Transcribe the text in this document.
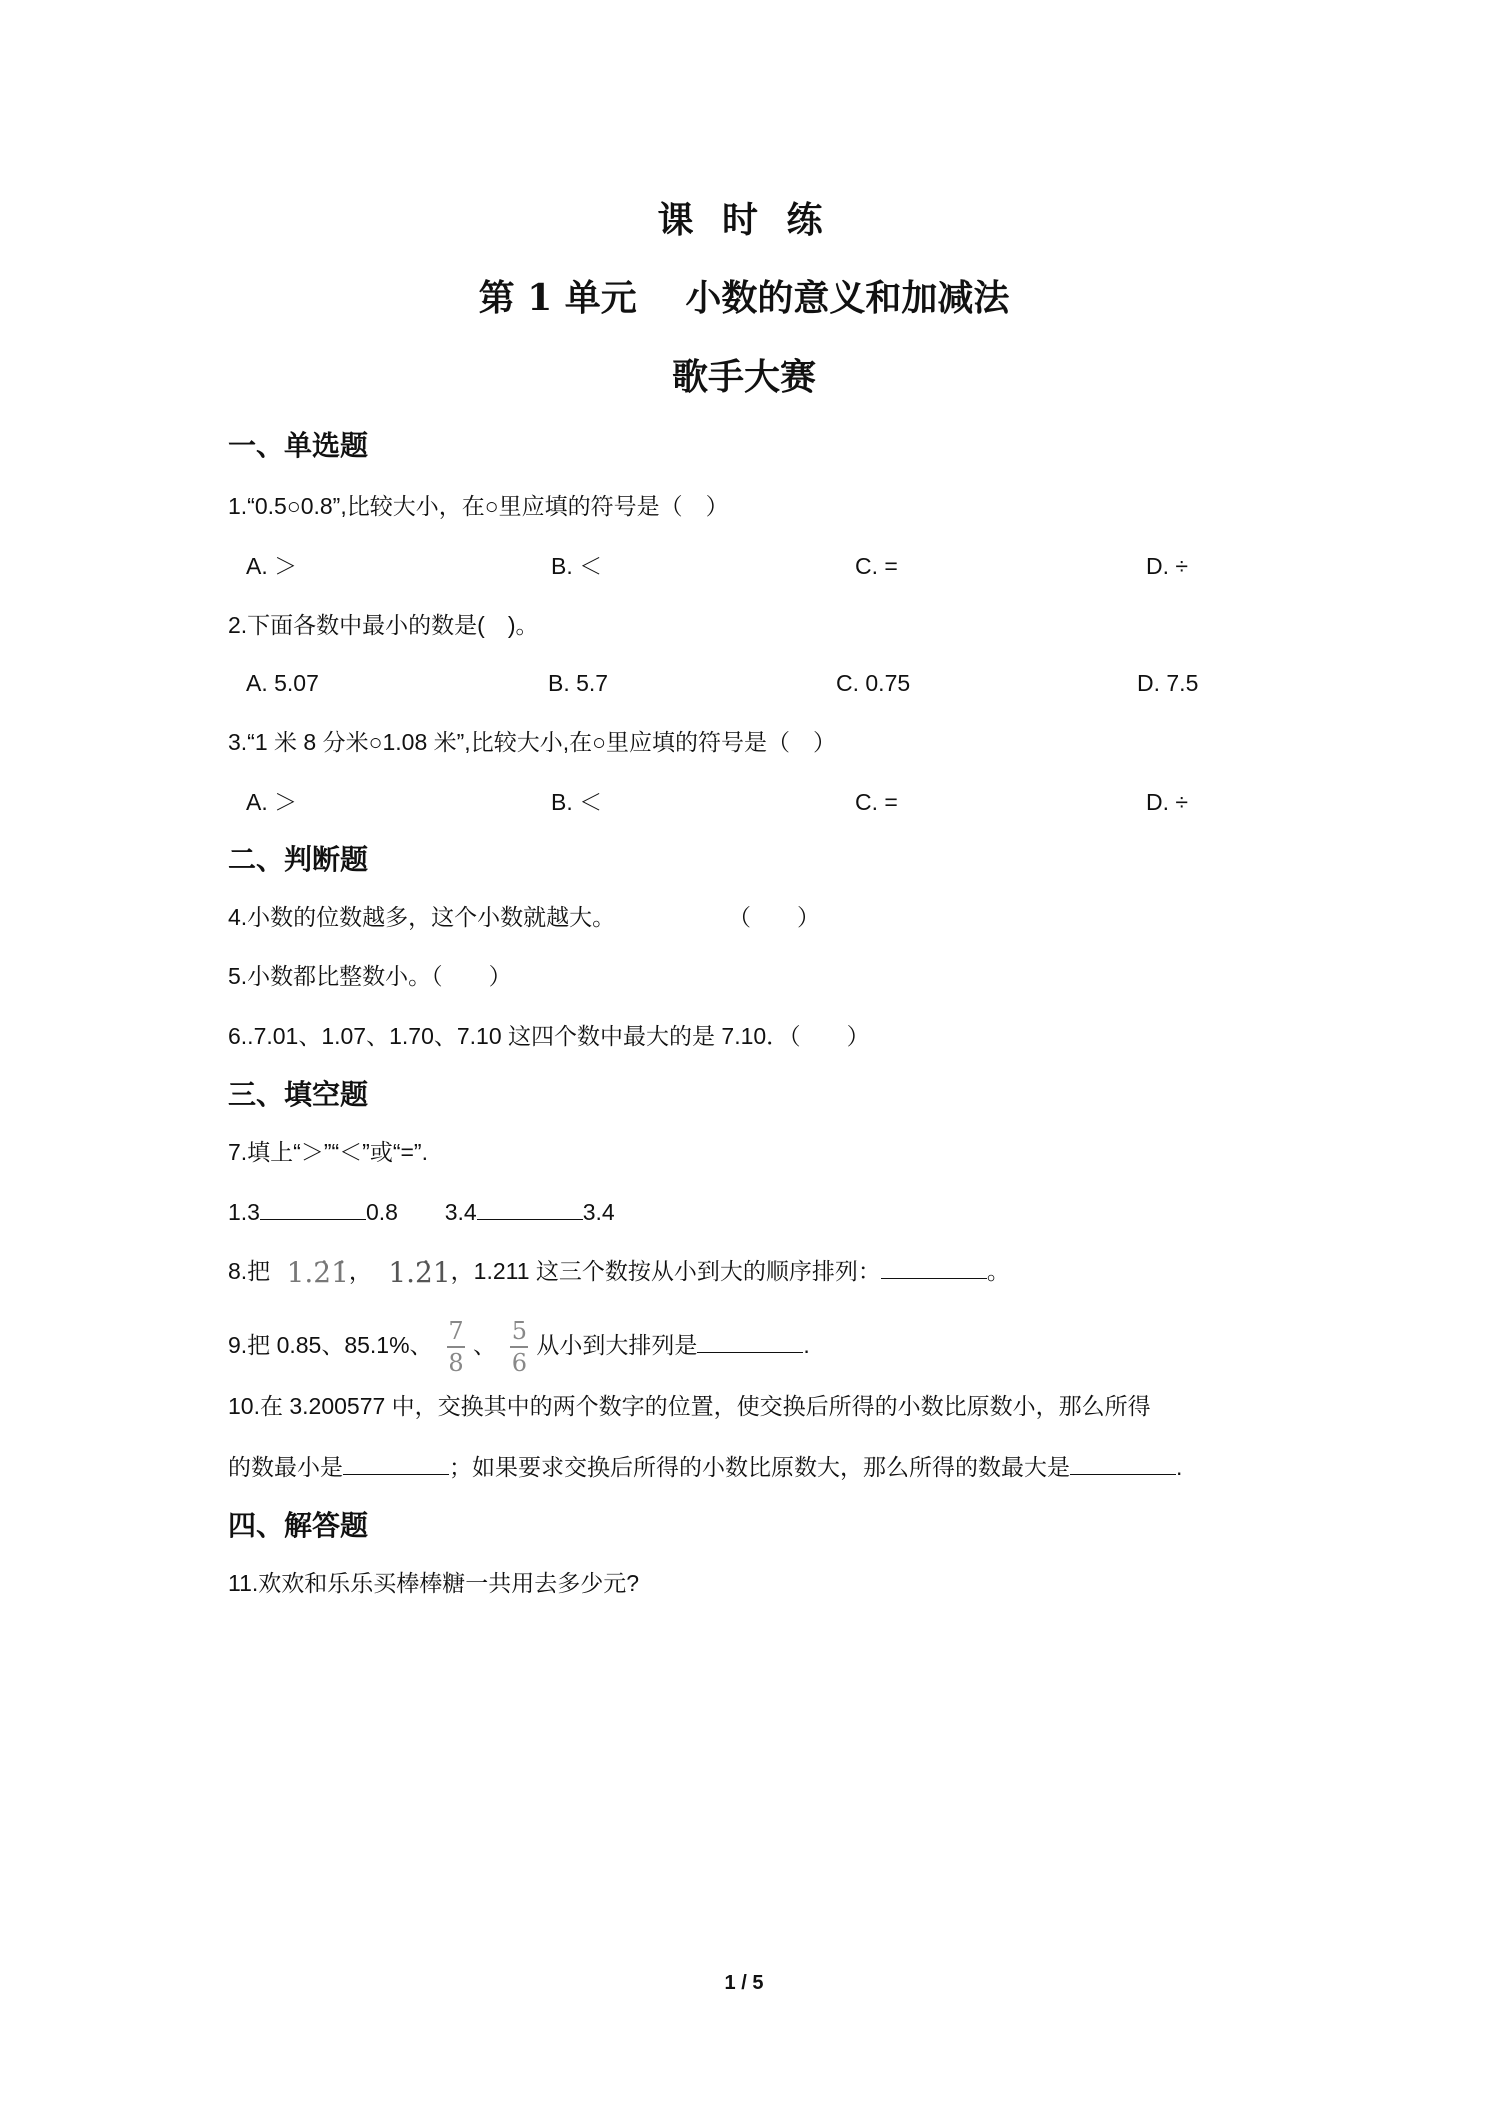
课 时 练
第 1 单元　 小数的意义和加减法
歌手大赛
一、单选题
1.“0.5○0.8”,比较大小，在○里应填的符号是（　）
A. ＞	B. ＜	C. =	D. ÷
2.下面各数中最小的数是(　)。
A. 5.07	B. 5.7	C. 0.75	D. 7.5
3.“1 米 8 分米○1.08 米”,比较大小,在○里应填的符号是（　）
A. ＞	B. ＜	C. =	D. ÷
二、判断题
4.小数的位数越多，这个小数就越大。	（　　）
5.小数都比整数小。（　　）
6..7.01、1.07、1.70、7.10 这四个数中最大的是 7.10．（　　）
三、填空题
7.填上“＞”“＜”或“=”.
1.3	0.8 3.4	3.4
8.把 1.2̇1̇， 1.2̇1，1.211 这三个数按从小到大的顺序排列：	。
9.把 0.85、85.1%、 $\frac{7}{8}$ 、 $\frac{5}{6}$ 从小到大排列是	.
10.在 3.200577 中，交换其中的两个数字的位置，使交换后所得的小数比原数小，那么所得
的数最小是	；如果要求交换后所得的小数比原数大，那么所得的数最大是	.
四、解答题
11.欢欢和乐乐买棒棒糖一共用去多少元?
1 / 5
